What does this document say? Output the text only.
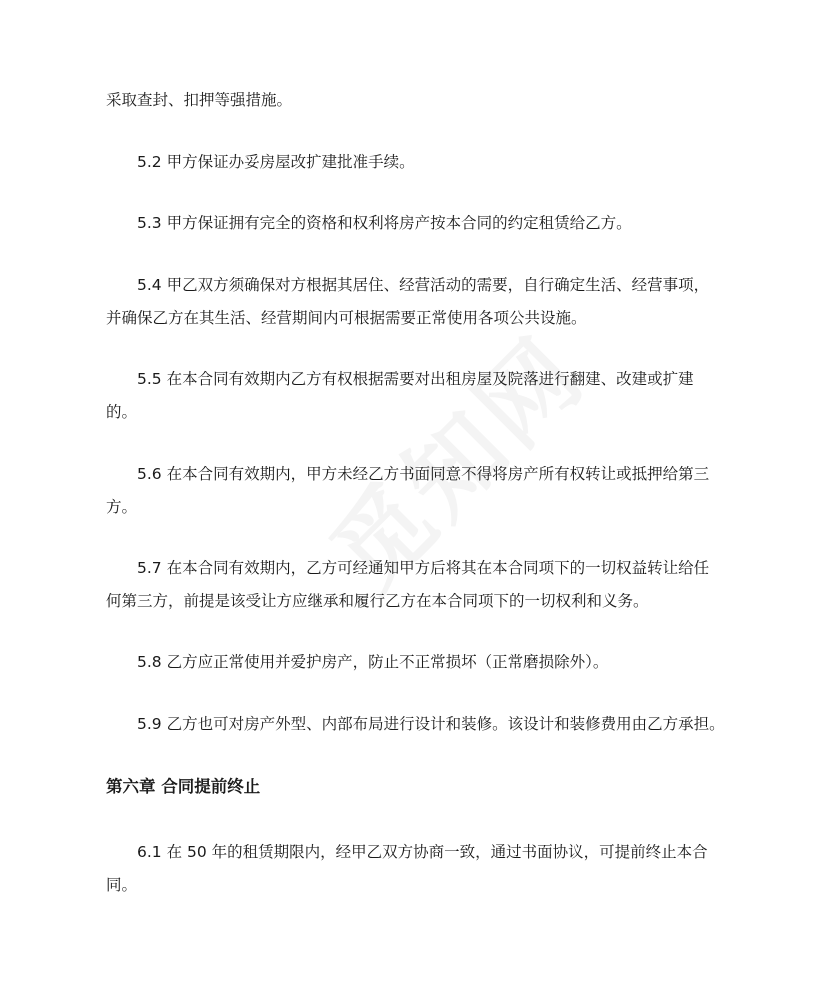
采取查封、扣押等强措施。
5.2 甲方保证办妥房屋改扩建批准手续。
5.3 甲方保证拥有完全的资格和权利将房产按本合同的约定租赁给乙方。
5.4 甲乙双方须确保对方根据其居住、经营活动的需要，自行确定生活、经营事项，
并确保乙方在其生活、经营期间内可根据需要正常使用各项公共设施。
5.5 在本合同有效期内乙方有权根据需要对出租房屋及院落进行翻建、改建或扩建
的。
5.6 在本合同有效期内，甲方未经乙方书面同意不得将房产所有权转让或抵押给第三
方。
5.7 在本合同有效期内，乙方可经通知甲方后将其在本合同项下的一切权益转让给任
何第三方，前提是该受让方应继承和履行乙方在本合同项下的一切权利和义务。
5.8 乙方应正常使用并爱护房产，防止不正常损坏（正常磨损除外）。
5.9 乙方也可对房产外型、内部布局进行设计和装修。该设计和装修费用由乙方承担。
第六章 合同提前终止
6.1 在 50 年的租赁期限内，经甲乙双方协商一致，通过书面协议，可提前终止本合
同。
